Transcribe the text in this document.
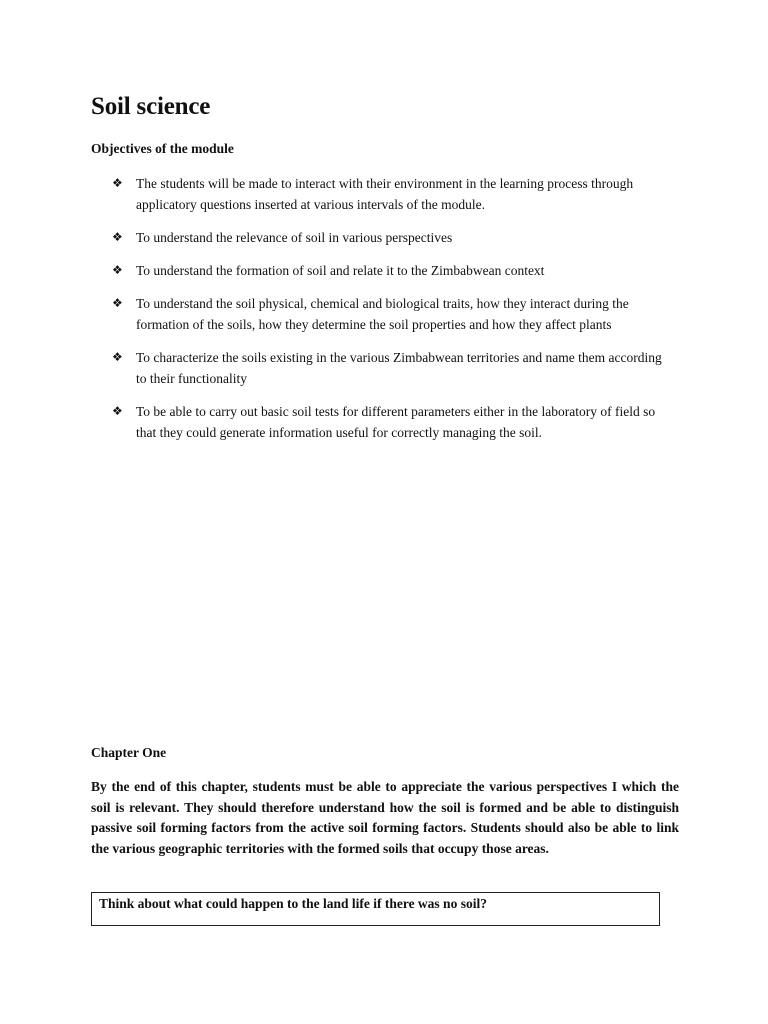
Soil science

Objectives of the module

❖ The students will be made to interact with their environment in the learning process through applicatory questions inserted at various intervals of the module.
❖ To understand the relevance of soil in various perspectives
❖ To understand the formation of soil and relate it to the Zimbabwean context
❖ To understand the soil physical, chemical and biological traits, how they interact during the formation of the soils, how they determine the soil properties and how they affect plants
❖ To characterize the soils existing in the various Zimbabwean territories and name them according to their functionality
❖ To be able to carry out basic soil tests for different parameters either in the laboratory of field so that they could generate information useful for correctly managing the soil.

Chapter One

By the end of this chapter, students must be able to appreciate the various perspectives I which the soil is relevant. They should therefore understand how the soil is formed and be able to distinguish passive soil forming factors from the active soil forming factors. Students should also be able to link the various geographic territories with the formed soils that occupy those areas.

Think about what could happen to the land life if there was no soil?
